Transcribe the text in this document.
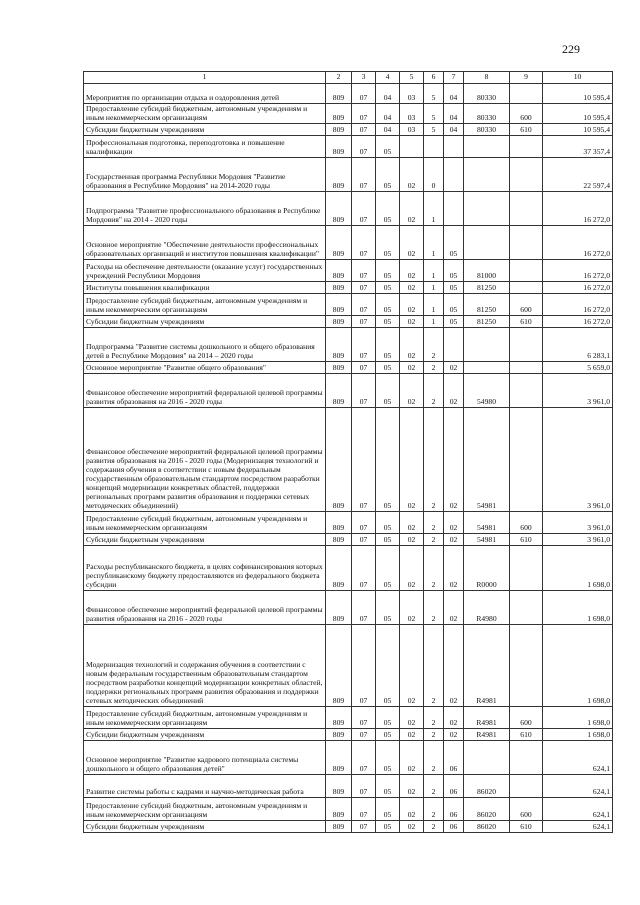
229
1	2	3	4	5	6	7	8	9	10
Мероприятия по организации отдыха и оздоровления детей	809	07	04	03	5	04	80330		10 595,4
Предоставление субсидий бюджетным, автономным учреждениям и иным некоммерческим организациям	809	07	04	03	5	04	80330	600	10 595,4
Субсидии бюджетным учреждениям	809	07	04	03	5	04	80330	610	10 595,4
Профессиональная подготовка, переподготовка и повышение квалификации	809	07	05						37 357,4
Государственная программа Республики Мордовия "Развитие образования в Республике Мордовия" на 2014-2020 годы	809	07	05	02	0				22 597,4
Подпрограмма "Развитие профессионального образования в Республике Мордовия" на 2014 - 2020 годы	809	07	05	02	1				16 272,0
Основное мероприятие "Обеспечение деятельности профессиональных образовательных организаций и институтов повышения квалификации"	809	07	05	02	1	05			16 272,0
Расходы на обеспечение деятельности (оказание услуг) государственных учреждений Республики Мордовия	809	07	05	02	1	05	81000		16 272,0
Институты повышения квалификации	809	07	05	02	1	05	81250		16 272,0
Предоставление субсидий бюджетным, автономным учреждениям и иным некоммерческим организациям	809	07	05	02	1	05	81250	600	16 272,0
Субсидии бюджетным учреждениям	809	07	05	02	1	05	81250	610	16 272,0
Подпрограмма "Развитие системы дошкольного и общего образования детей в Республике Мордовия" на 2014 – 2020 годы	809	07	05	02	2				6 283,1
Основное мероприятие "Развитие общего образования"	809	07	05	02	2	02			5 659,0
Финансовое обеспечение мероприятий федеральной целевой программы развития образования на 2016 - 2020 годы	809	07	05	02	2	02	54980		3 961,0
Финансовое обеспечение мероприятий федеральной целевой программы развития образования на 2016 - 2020 годы (Модернизация технологий и содержания обучения в соответствии с новым федеральным государственным образовательным стандартом посредством разработки концепций модернизации конкретных областей, поддержки региональных программ развития образования и поддержки сетевых методических объединений)	809	07	05	02	2	02	54981		3 961,0
Предоставление субсидий бюджетным, автономным учреждениям и иным некоммерческим организациям	809	07	05	02	2	02	54981	600	3 961,0
Субсидии бюджетным учреждениям	809	07	05	02	2	02	54981	610	3 961,0
Расходы республиканского бюджета, в целях софинансирования которых республиканскому бюджету предоставляются из федерального бюджета субсидии	809	07	05	02	2	02	R0000		1 698,0
Финансовое обеспечение мероприятий федеральной целевой программы развития образования на 2016 - 2020 годы	809	07	05	02	2	02	R4980		1 698,0
Модернизация технологий и содержания обучения в соответствии с новым федеральным государственным образовательным стандартом посредством разработки концепций модернизации конкретных областей, поддержки региональных программ развития образования и поддержки сетевых методических объединений	809	07	05	02	2	02	R4981		1 698,0
Предоставление субсидий бюджетным, автономным учреждениям и иным некоммерческим организациям	809	07	05	02	2	02	R4981	600	1 698,0
Субсидии бюджетным учреждениям	809	07	05	02	2	02	R4981	610	1 698,0
Основное мероприятие "Развитие кадрового потенциала системы дошкольного и общего образования детей"	809	07	05	02	2	06			624,1
Развитие системы работы с кадрами и научно-методическая работа	809	07	05	02	2	06	86020		624,1
Предоставление субсидий бюджетным, автономным учреждениям и иным некоммерческим организациям	809	07	05	02	2	06	86020	600	624,1
Субсидии бюджетным учреждениям	809	07	05	02	2	06	86020	610	624,1
